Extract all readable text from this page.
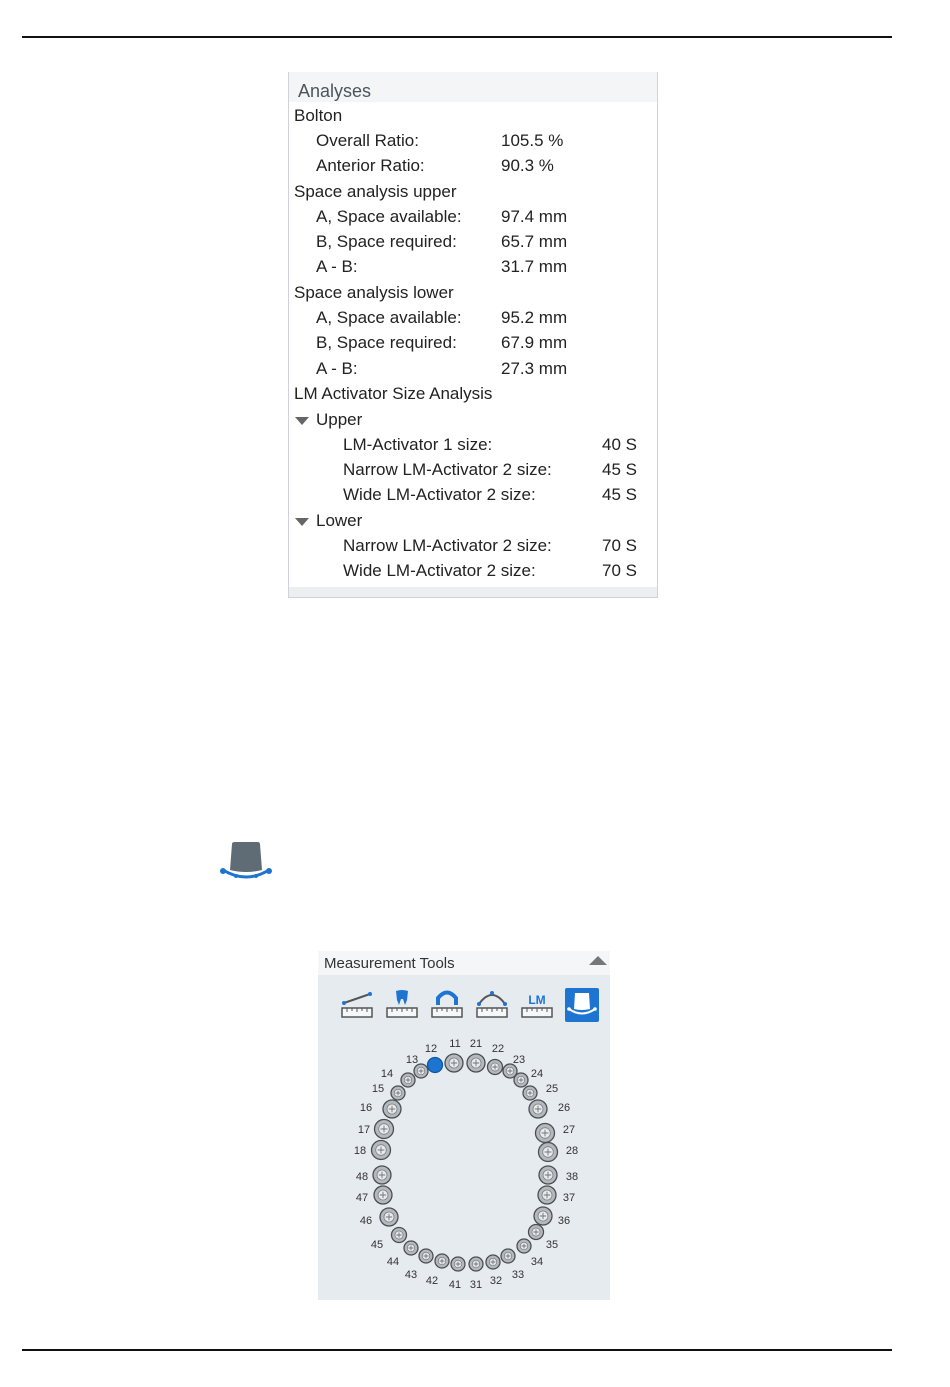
Analyses
Bolton
Overall Ratio:	105.5 %
Anterior Ratio:	90.3 %
Space analysis upper
A, Space available: 97.4 mm
B, Space required:	65.7 mm
A - B:	31.7 mm
Space analysis lower
A, Space available: 95.2 mm
B, Space required:	67.9 mm
A - B:	27.3 mm
LM Activator Size Analysis
Upper
LM-Activator 1 size:	40 S
Narrow LM-Activator 2 size:	45 S
Wide LM-Activator 2 size:	45 S
Lower
Narrow LM-Activator 2 size:	70 S
Wide LM-Activator 2 size:	70 S
18
17
16
15
14
13
12 11 21 22
23
24
25
26
27
28
38
37
36
35
34
33
32
31
41
42
43
44
45
46
47
48
Measurement Tools
LM
